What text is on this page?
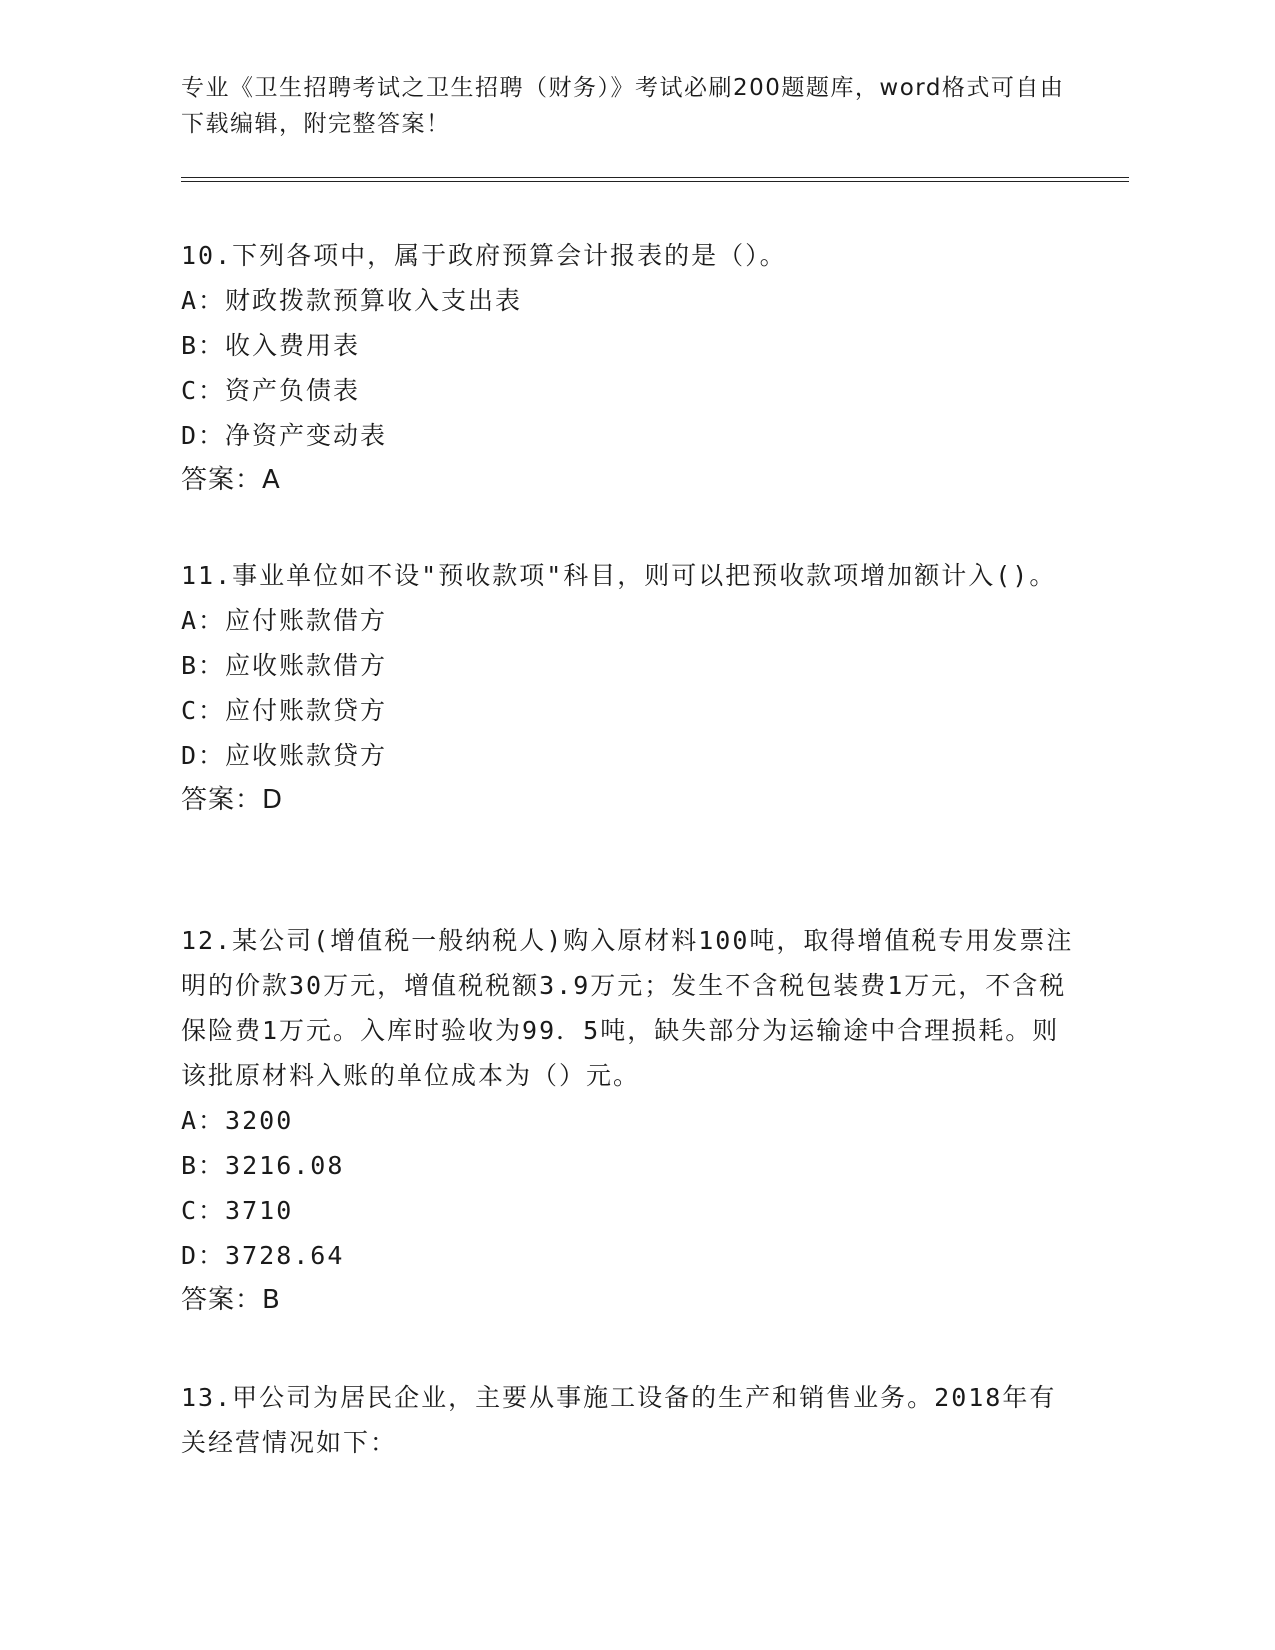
专业《卫生招聘考试之卫生招聘（财务）》考试必刷200题题库，word格式可自由下载编辑，附完整答案！
10.下列各项中，属于政府预算会计报表的是（）。
A：财政拨款预算收入支出表
B：收入费用表
C：资产负债表
D：净资产变动表
答案：A
11.事业单位如不设"预收款项"科目，则可以把预收款项增加额计入()。
A：应付账款借方
B：应收账款借方
C：应付账款贷方
D：应收账款贷方
答案：D
12.某公司(增值税一般纳税人)购入原材料100吨，取得增值税专用发票注明的价款30万元，增值税税额3.9万元；发生不含税包装费1万元，不含税保险费1万元。入库时验收为99．5吨，缺失部分为运输途中合理损耗。则该批原材料入账的单位成本为（）元。
A：3200
B：3216.08
C：3710
D：3728.64
答案：B
13.甲公司为居民企业，主要从事施工设备的生产和销售业务。2018年有关经营情况如下：
